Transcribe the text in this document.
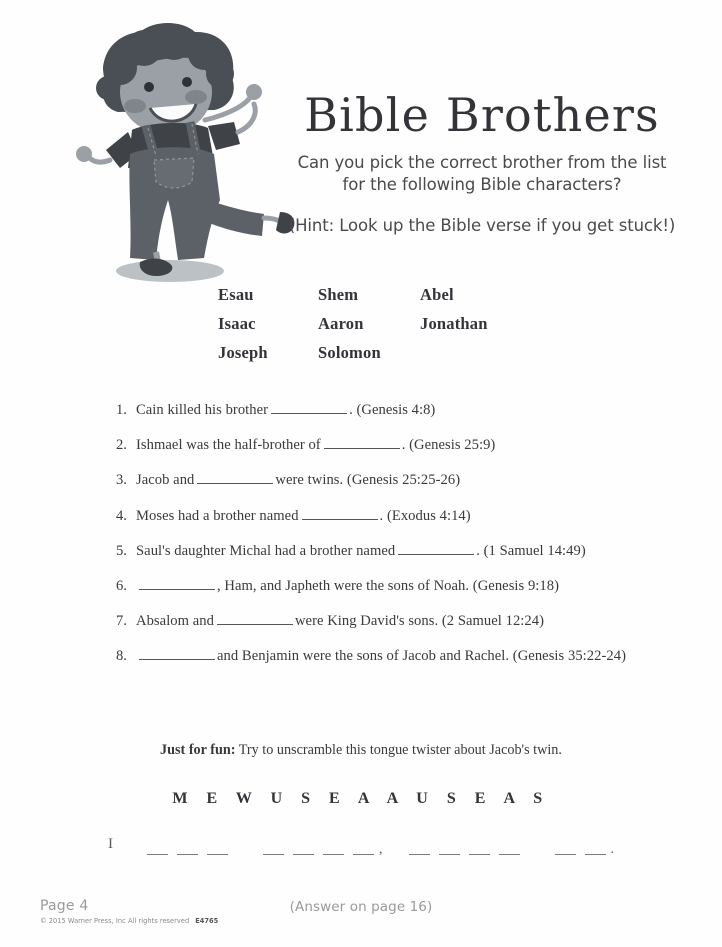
Bible Brothers

Can you pick the correct brother from the list

for the following Bible characters?

(Hint: Look up the Bible verse if you get stuck!)

Esau	Shem	Abel
Isaac	Aaron	Jonathan
Joseph	Solomon
1. Cain killed his brother	. (Genesis 4:8)
2. Ishmael was the half-brother of	. (Genesis 25:9)
3. Jacob and	were twins. (Genesis 25:25-26)
4. Moses had a brother named	. (Exodus 4:14)
5. Saul's daughter Michal had a brother named	. (1 Samuel 14:49)
6.	, Ham, and Japheth were the sons of Noah. (Genesis 9:18)
7. Absalom and	were King David's sons. (2 Samuel 12:24)
8.	and Benjamin were the sons of Jacob and Rachel. (Genesis 35:22-24)
Just for fun: Try to unscramble this tongue twister about Jacob's twin.
M E W U S E A A U S E A S
I	,	.
Page 4
© 2015 Warner Press, Inc All rights reserved E4765
(Answer on page 16)
